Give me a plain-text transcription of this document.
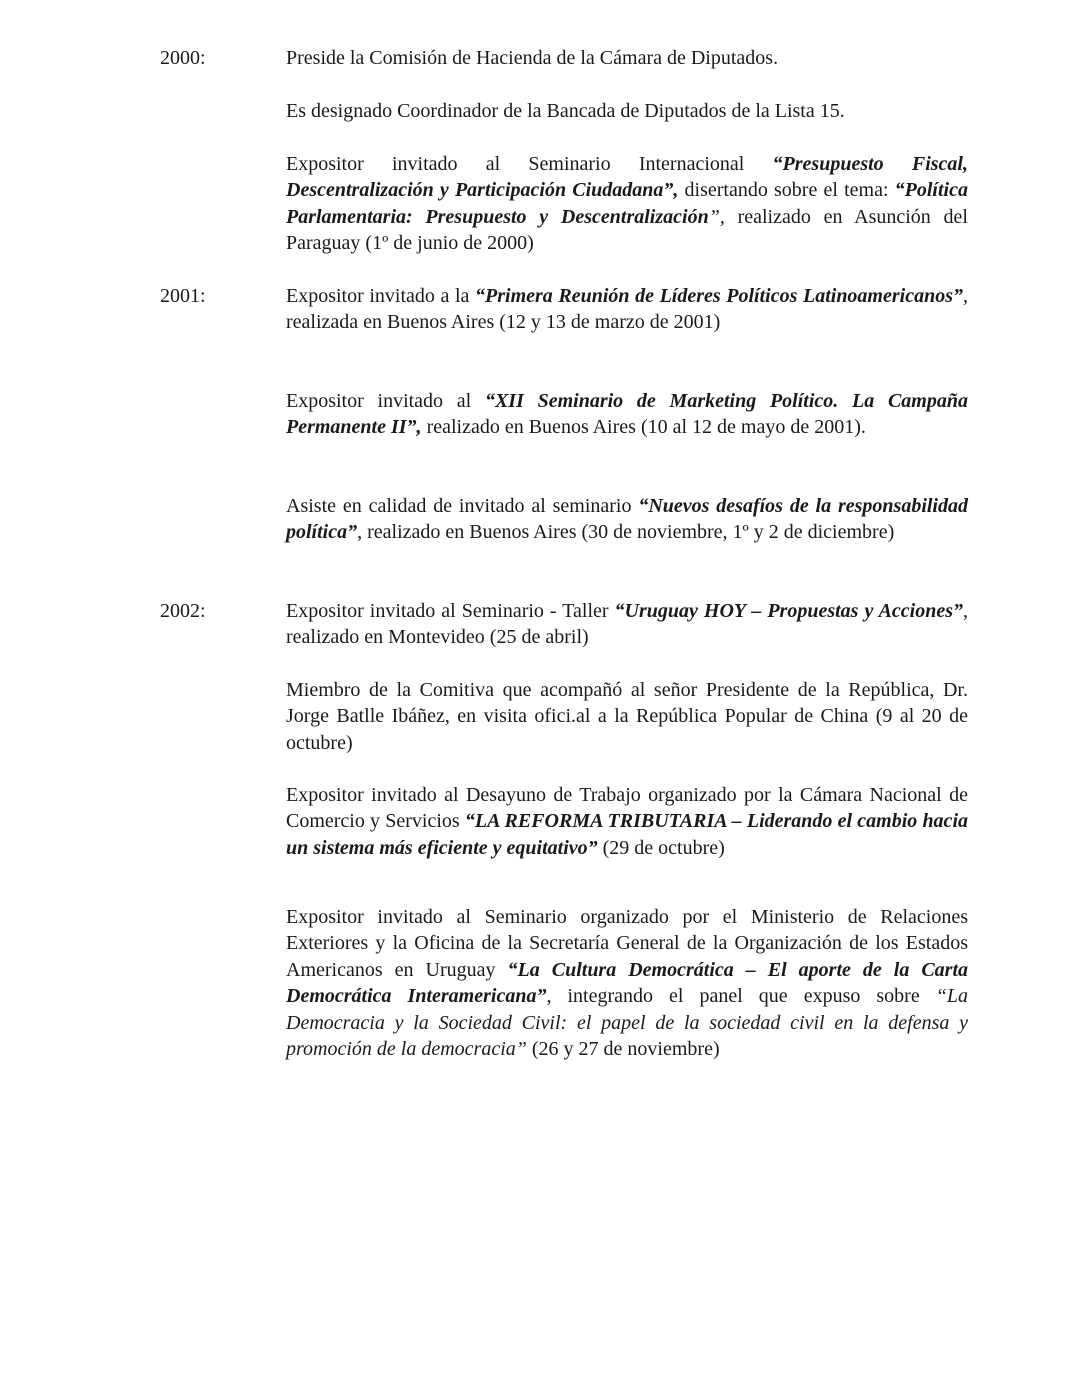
2000:
2001:
2002:
Preside la Comisión de Hacienda de la Cámara de Diputados.
Es designado Coordinador de la Bancada de Diputados de la Lista 15.
Expositor invitado al Seminario Internacional “Presupuesto Fiscal, Descentralización y Participación Ciudadana”, disertando sobre el tema: “Política Parlamentaria: Presupuesto y Descentralización”, realizado en Asunción del Paraguay (1º de junio de 2000)
Expositor invitado a la “Primera Reunión de Líderes Políticos Latinoamericanos”, realizada en Buenos Aires (12 y 13 de marzo de 2001)
Expositor invitado al “XII Seminario de Marketing Político. La Campaña Permanente II”, realizado en Buenos Aires (10 al 12 de mayo de 2001).
Asiste en calidad de invitado al seminario “Nuevos desafíos de la responsabilidad política”, realizado en Buenos Aires (30 de noviembre, 1º y 2 de diciembre)
Expositor invitado al Seminario - Taller “Uruguay HOY – Propuestas y Acciones”, realizado en Montevideo (25 de abril)
Miembro de la Comitiva que acompañó al señor Presidente de la República, Dr. Jorge Batlle Ibáñez, en visita ofici.al a la República Popular de China (9 al 20 de octubre)
Expositor invitado al Desayuno de Trabajo organizado por la Cámara Nacional de Comercio y Servicios “LA REFORMA TRIBUTARIA – Liderando el cambio hacia un sistema más eficiente y equitativo” (29 de octubre)
Expositor invitado al Seminario organizado por el Ministerio de Relaciones Exteriores y la Oficina de la Secretaría General de la Organización de los Estados Americanos en Uruguay “La Cultura Democrática – El aporte de la Carta Democrática Interamericana”, integrando el panel que expuso sobre “La Democracia y la Sociedad Civil: el papel de la sociedad civil en la defensa y promoción de la democracia” (26 y 27 de noviembre)
